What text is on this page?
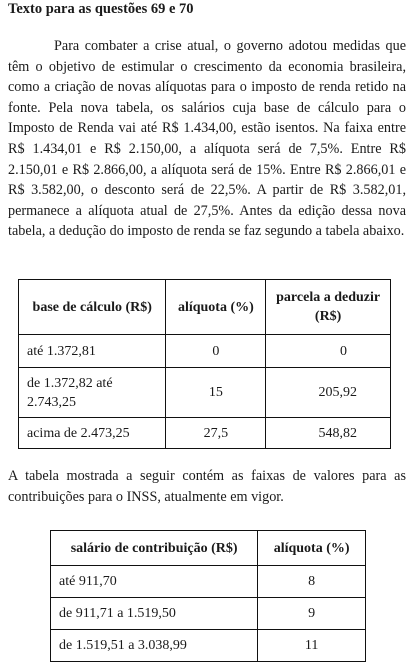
Texto para as questões 69 e 70

Para combater a crise atual, o governo adotou medidas que têm o objetivo de estimular o crescimento da economia brasileira, como a criação de novas alíquotas para o imposto de renda retido na fonte. Pela nova tabela, os salários cuja base de cálculo para o Imposto de Renda vai até R$ 1.434,00, estão isentos. Na faixa entre R$ 1.434,01 e R$ 2.150,00, a alíquota será de 7,5%. Entre R$ 2.150,01 e R$ 2.866,00, a alíquota será de 15%. Entre R$ 2.866,01 e R$ 3.582,00, o desconto será de 22,5%. A partir de R$ 3.582,01, permanece a alíquota atual de 27,5%. Antes da edição dessa nova tabela, a dedução do imposto de renda se faz segundo a tabela abaixo.

base de cálculo (R$)	alíquota (%)	parcela a deduzir (R$)
até 1.372,81	0	0
de 1.372,82 até 2.743,25	15	205,92
acima de 2.473,25	27,5	548,82

A tabela mostrada a seguir contém as faixas de valores para as contribuições para o INSS, atualmente em vigor.

salário de contribuição (R$)	alíquota (%)
até 911,70	8
de 911,71 a 1.519,50	9
de 1.519,51 a 3.038,99	11
